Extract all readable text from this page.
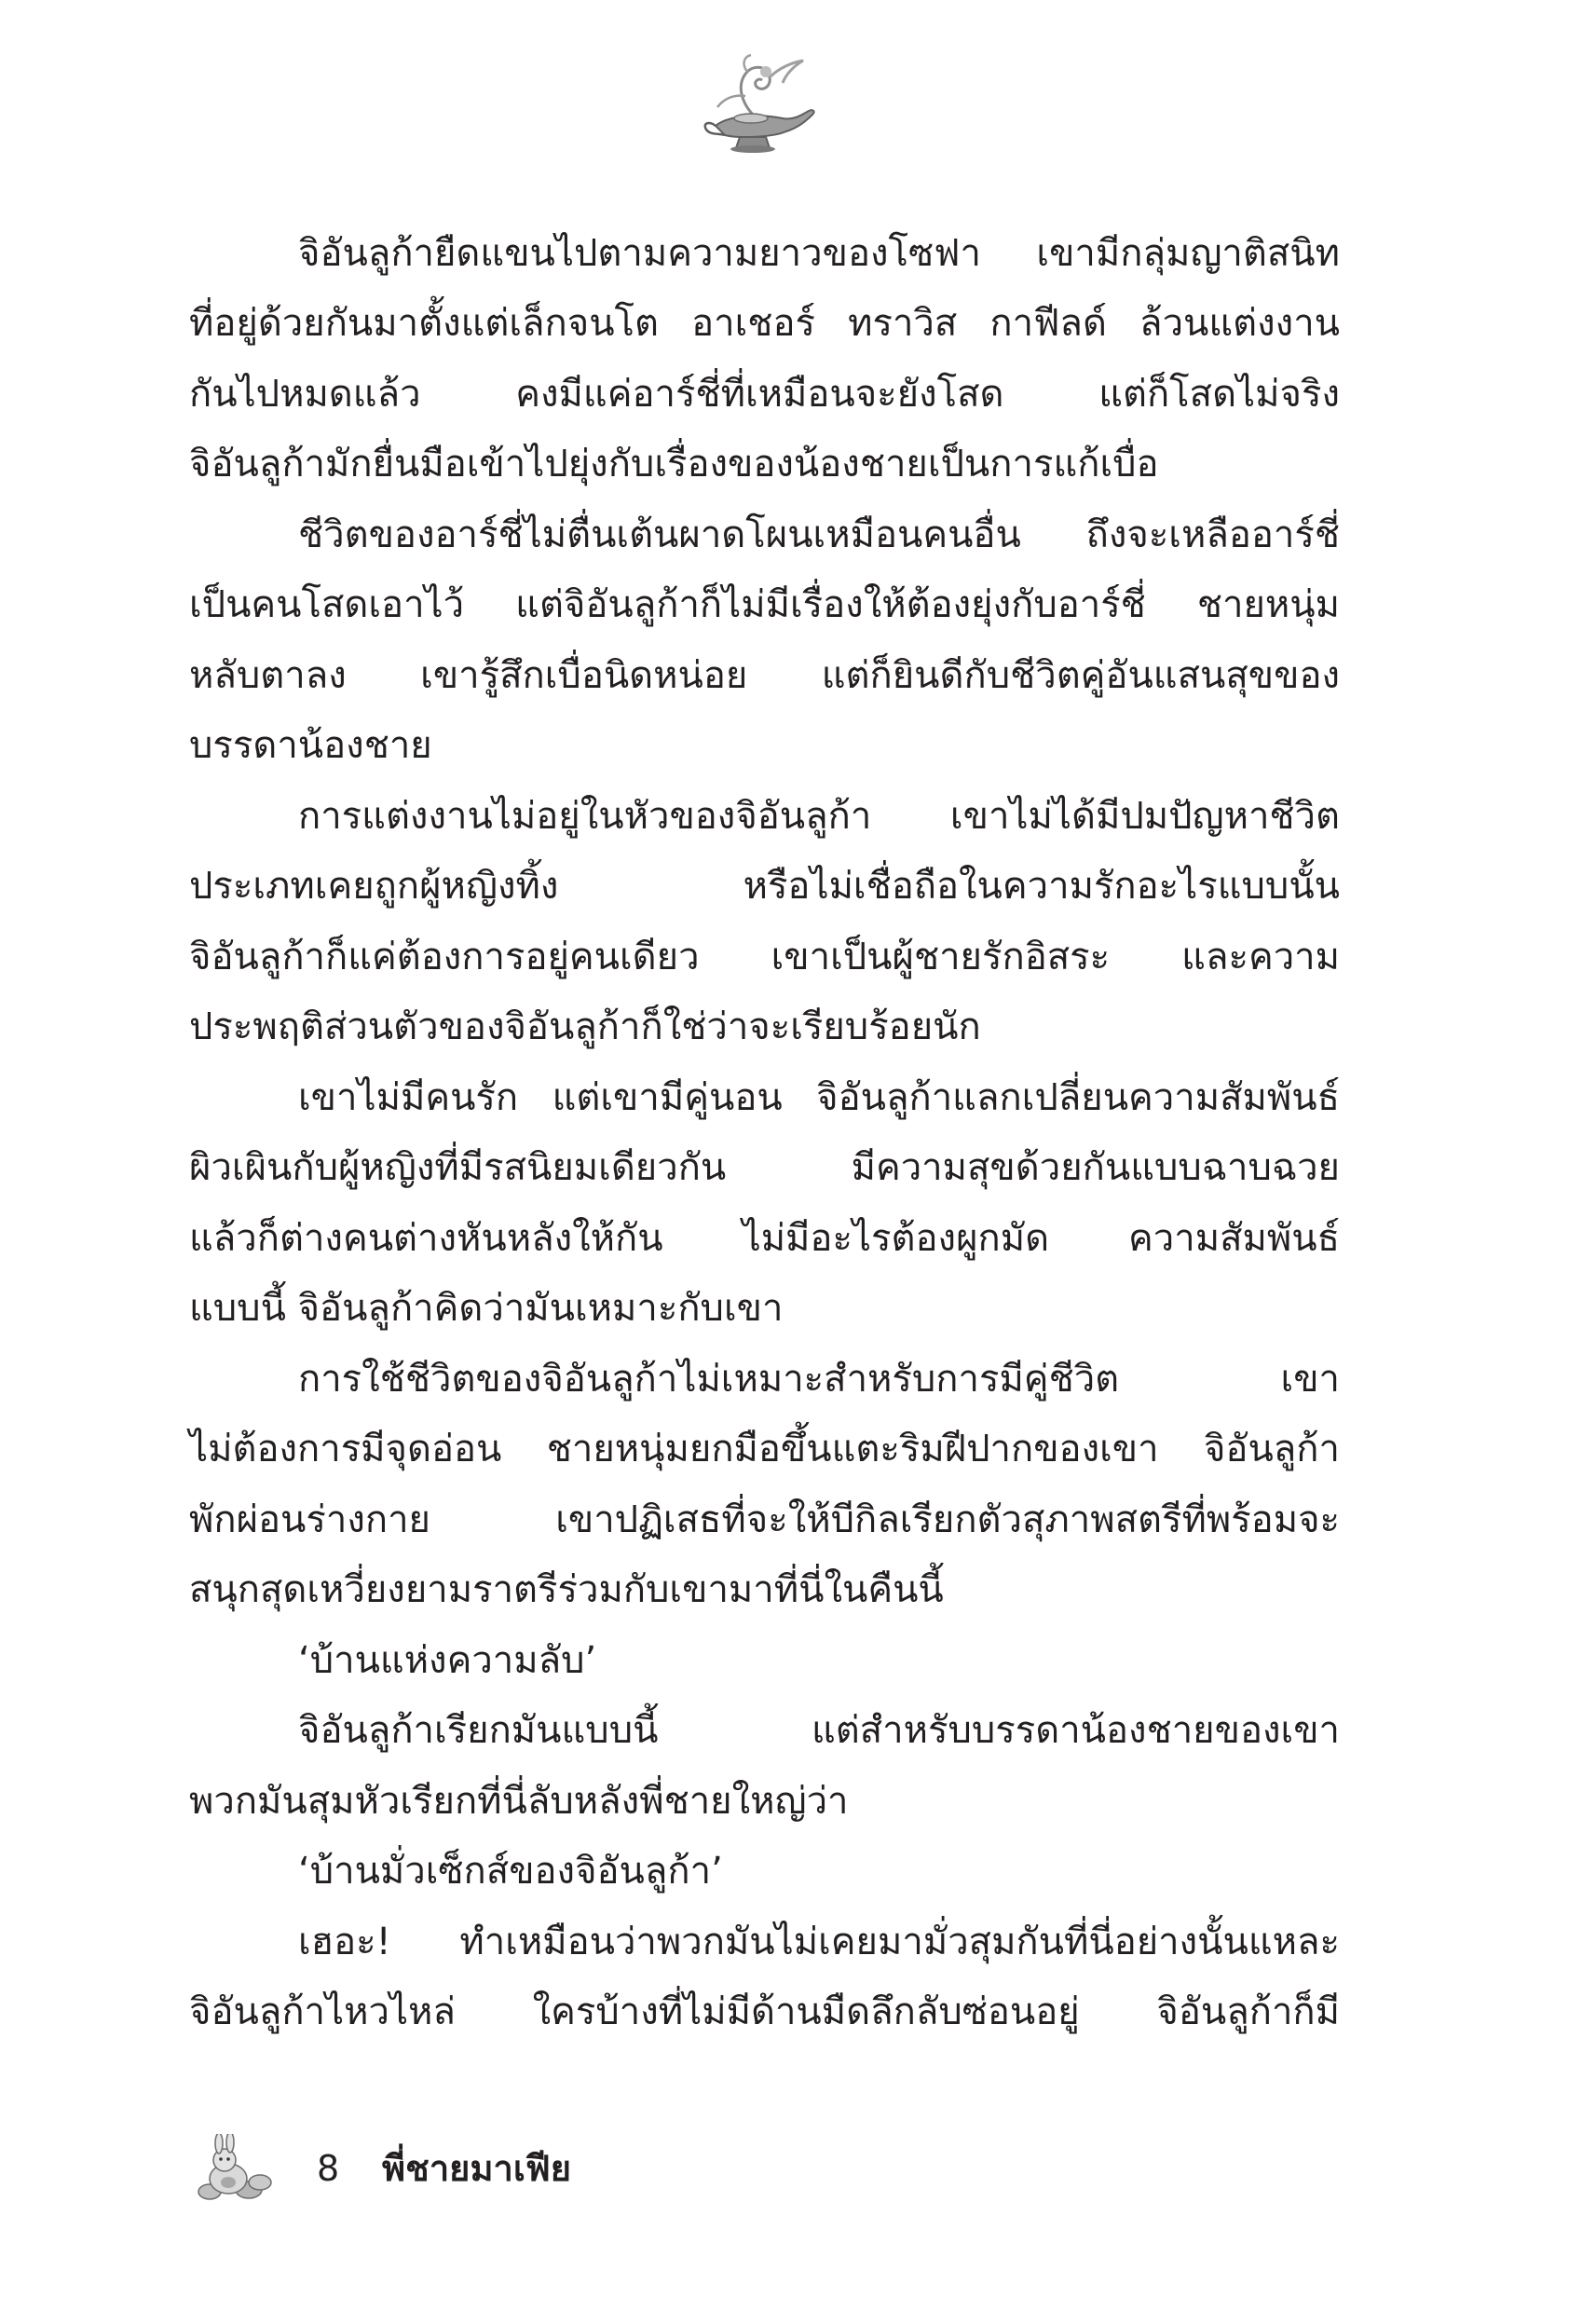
จิอันลูก้ายืดแขนไปตามความยาวของโซฟา เขามีกลุ่มญาติสนิท
ที่อยู่ด้วยกันมาตั้งแต่เล็กจนโต อาเชอร์ ทราวิส กาฟีลด์ ล้วนแต่งงาน
กันไปหมดแล้ว คงมีแค่อาร์ชี่ที่เหมือนจะยังโสด แต่ก็โสดไม่จริง
จิอันลูก้ามักยื่นมือเข้าไปยุ่งกับเรื่องของน้องชายเป็นการแก้เบื่อ
ชีวิตของอาร์ชี่ไม่ตื่นเต้นผาดโผนเหมือนคนอื่น ถึงจะเหลืออาร์ชี่
เป็นคนโสดเอาไว้ แต่จิอันลูก้าก็ไม่มีเรื่องให้ต้องยุ่งกับอาร์ชี่ ชายหนุ่ม
หลับตาลง เขารู้สึกเบื่อนิดหน่อย แต่ก็ยินดีกับชีวิตคู่อันแสนสุขของ
บรรดาน้องชาย
การแต่งงานไม่อยู่ในหัวของจิอันลูก้า เขาไม่ได้มีปมปัญหาชีวิต
ประเภทเคยถูกผู้หญิงทิ้ง หรือไม่เชื่อถือในความรักอะไรแบบนั้น
จิอันลูก้าก็แค่ต้องการอยู่คนเดียว เขาเป็นผู้ชายรักอิสระ และความ
ประพฤติส่วนตัวของจิอันลูก้าก็ใช่ว่าจะเรียบร้อยนัก
เขาไม่มีคนรัก แต่เขามีคู่นอน จิอันลูก้าแลกเปลี่ยนความสัมพันธ์
ผิวเผินกับผู้หญิงที่มีรสนิยมเดียวกัน มีความสุขด้วยกันแบบฉาบฉวย
แล้วก็ต่างคนต่างหันหลังให้กัน ไม่มีอะไรต้องผูกมัด ความสัมพันธ์
แบบนี้ จิอันลูก้าคิดว่ามันเหมาะกับเขา
การใช้ชีวิตของจิอันลูก้าไม่เหมาะสำหรับการมีคู่ชีวิต เขา
ไม่ต้องการมีจุดอ่อน ชายหนุ่มยกมือขึ้นแตะริมฝีปากของเขา จิอันลูก้า
พักผ่อนร่างกาย เขาปฏิเสธที่จะให้บีกิลเรียกตัวสุภาพสตรีที่พร้อมจะ
สนุกสุดเหวี่ยงยามราตรีร่วมกับเขามาที่นี่ในคืนนี้
‘บ้านแห่งความลับ’
จิอันลูก้าเรียกมันแบบนี้ แต่สำหรับบรรดาน้องชายของเขา
พวกมันสุมหัวเรียกที่นี่ลับหลังพี่ชายใหญ่ว่า
‘บ้านมั่วเซ็กส์ของจิอันลูก้า’
เฮอะ! ทำเหมือนว่าพวกมันไม่เคยมามั่วสุมกันที่นี่อย่างนั้นแหละ
จิอันลูก้าไหวไหล่ ใครบ้างที่ไม่มีด้านมืดลึกลับซ่อนอยู่ จิอันลูก้าก็มี
8 พี่ชายมาเฟีย
